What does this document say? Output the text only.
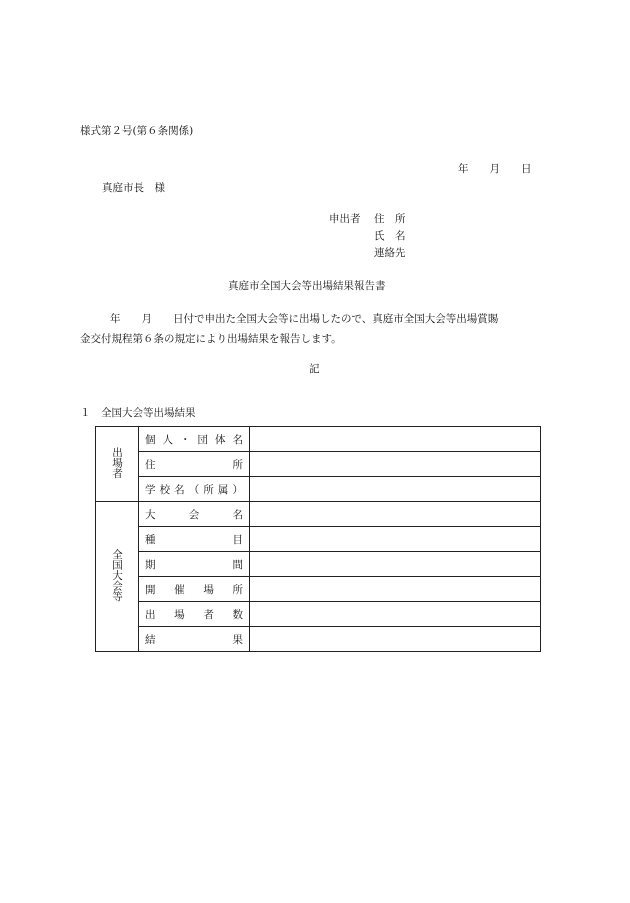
様式第２号(第６条関係)
年　　月　　日
真庭市長　様
申出者 住　所
氏　名
連絡先
真庭市全国大会等出場結果報告書
年　　月　　日付で申出た全国大会等に出場したので、真庭市全国大会等出場賞賜
金交付規程第６条の規定により出場結果を報告します。
記
１　全国大会等出場結果
出場者	個人・団体名	

	住所	

	学校名（所属）	

全国大会等	大会名	

	種目	

	期間	

	開催場所	

	出場者数	

	結果	
